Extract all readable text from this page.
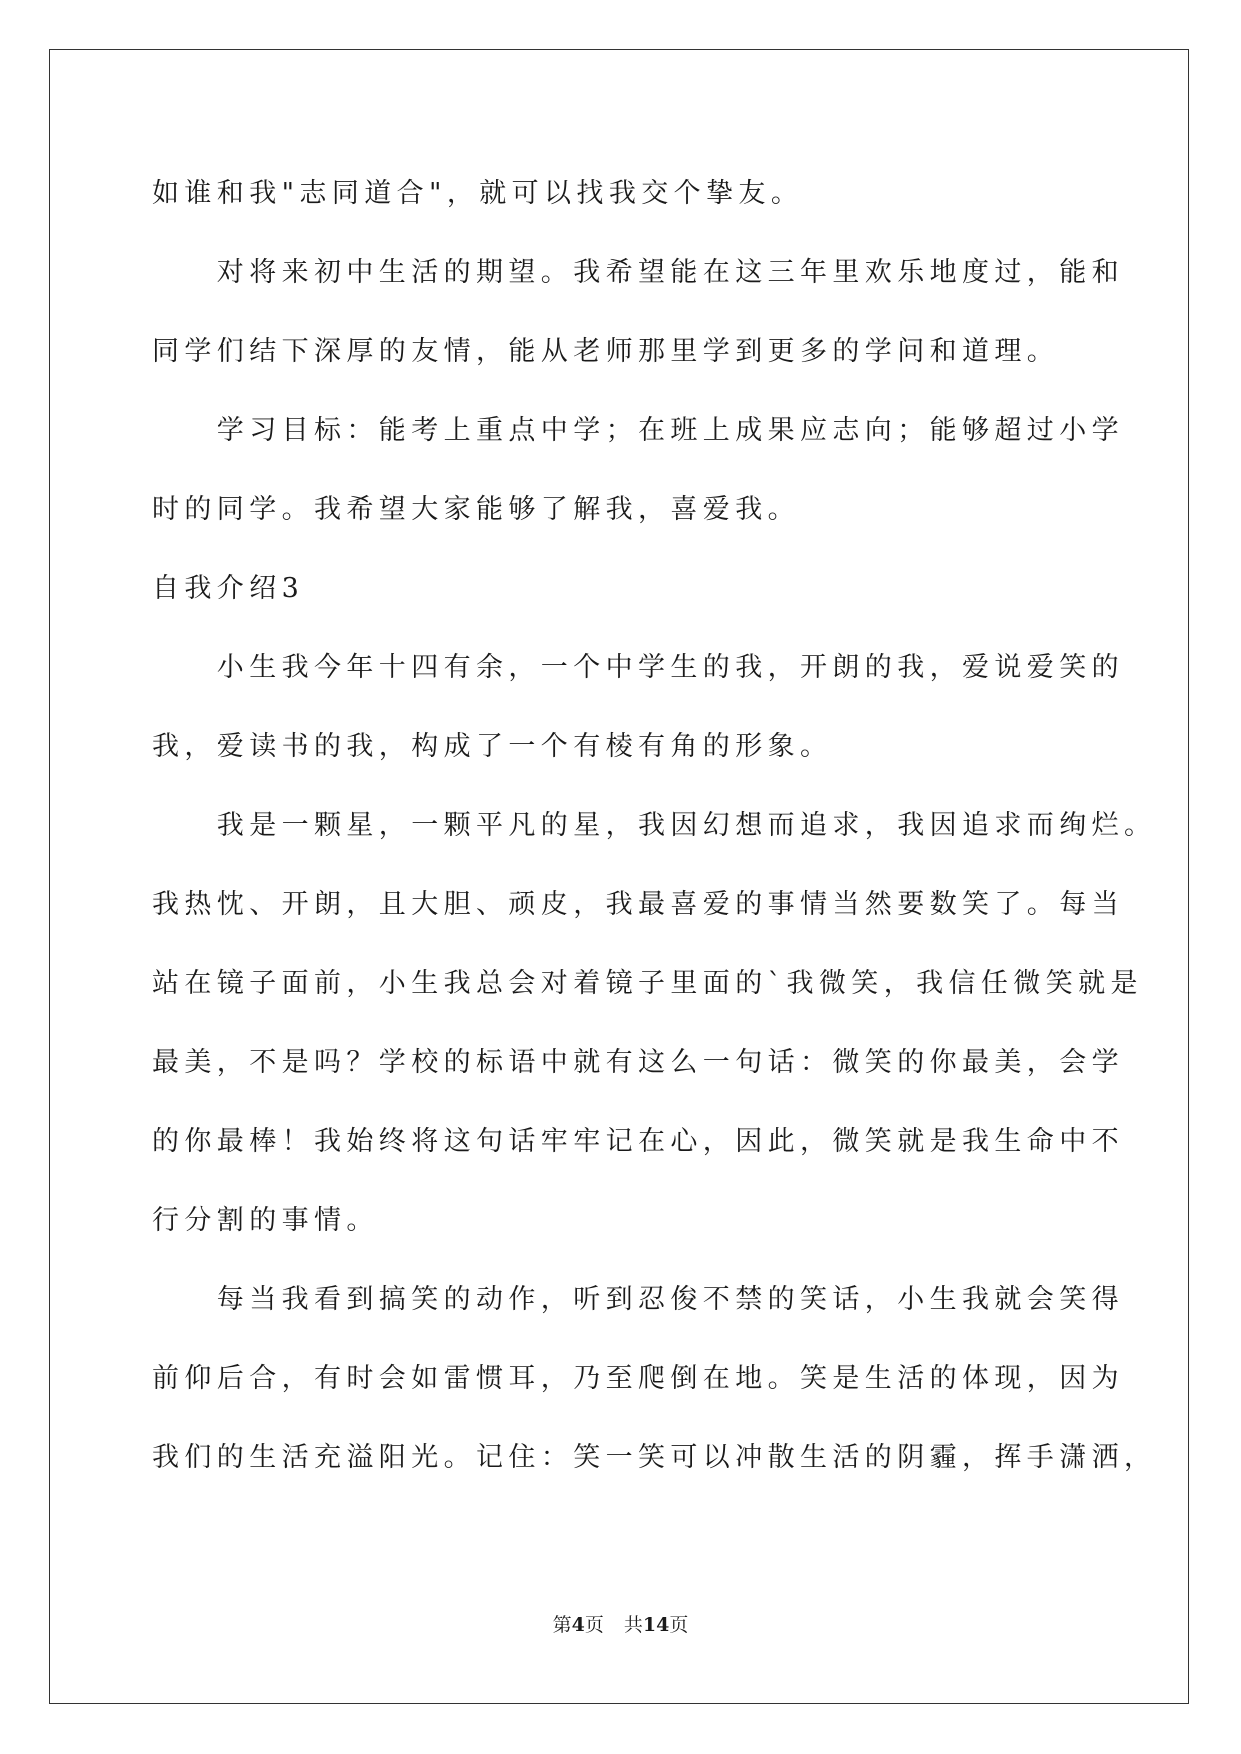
如谁和我"志同道合"，就可以找我交个挚友。
　　对将来初中生活的期望。我希望能在这三年里欢乐地度过，能和
同学们结下深厚的友情，能从老师那里学到更多的学问和道理。
　　学习目标：能考上重点中学；在班上成果应志向；能够超过小学
时的同学。我希望大家能够了解我，喜爱我。
自我介绍3
　　小生我今年十四有余，一个中学生的我，开朗的我，爱说爱笑的
我，爱读书的我，构成了一个有棱有角的形象。
　　我是一颗星，一颗平凡的星，我因幻想而追求，我因追求而绚烂。
我热忱、开朗，且大胆、顽皮，我最喜爱的事情当然要数笑了。每当
站在镜子面前，小生我总会对着镜子里面的`我微笑，我信任微笑就是
最美，不是吗？学校的标语中就有这么一句话：微笑的你最美，会学
的你最棒！我始终将这句话牢牢记在心，因此，微笑就是我生命中不
行分割的事情。
　　每当我看到搞笑的动作，听到忍俊不禁的笑话，小生我就会笑得
前仰后合，有时会如雷惯耳，乃至爬倒在地。笑是生活的体现，因为
我们的生活充溢阳光。记住：笑一笑可以冲散生活的阴霾，挥手潇洒，
第4页 共14页
